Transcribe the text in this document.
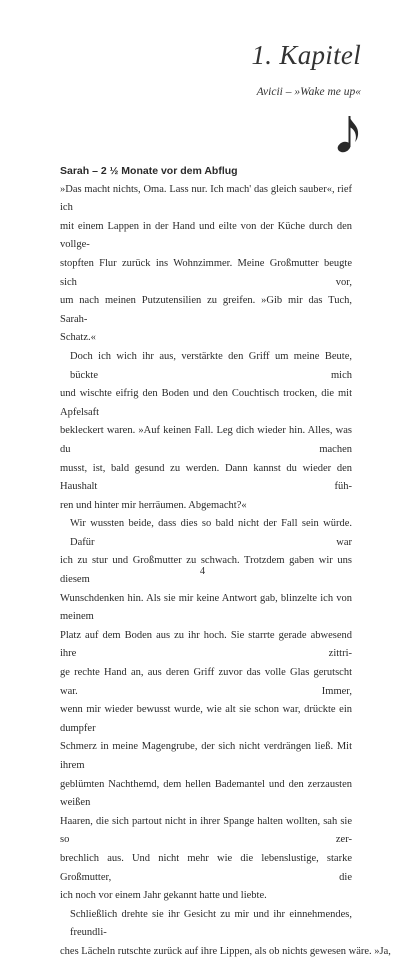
1. Kapitel
Avicii – »Wake me up«
Sarah – 2 ½ Monate vor dem Abflug
»Das macht nichts, Oma. Lass nur. Ich mach' das gleich sauber«, rief ich
mit einem Lappen in der Hand und eilte von der Küche durch den vollge-
stopften Flur zurück ins Wohnzimmer. Meine Großmutter beugte sich vor,
um nach meinen Putzutensilien zu greifen. »Gib mir das Tuch, Sarah-
Schatz.«
Doch ich wich ihr aus, verstärkte den Griff um meine Beute, bückte mich
und wischte eifrig den Boden und den Couchtisch trocken, die mit Apfelsaft
bekleckert waren. »Auf keinen Fall. Leg dich wieder hin. Alles, was du machen
musst, ist, bald gesund zu werden. Dann kannst du wieder den Haushalt füh-
ren und hinter mir herräumen. Abgemacht?«
Wir wussten beide, dass dies so bald nicht der Fall sein würde. Dafür war
ich zu stur und Großmutter zu schwach. Trotzdem gaben wir uns diesem
Wunschdenken hin. Als sie mir keine Antwort gab, blinzelte ich von meinem
Platz auf dem Boden aus zu ihr hoch. Sie starrte gerade abwesend ihre zittri-
ge rechte Hand an, aus deren Griff zuvor das volle Glas gerutscht war. Immer,
wenn mir wieder bewusst wurde, wie alt sie schon war, drückte ein dumpfer
Schmerz in meine Magengrube, der sich nicht verdrängen ließ. Mit ihrem
geblümten Nachthemd, dem hellen Bademantel und den zerzausten weißen
Haaren, die sich partout nicht in ihrer Spange halten wollten, sah sie so zer-
brechlich aus. Und nicht mehr wie die lebenslustige, starke Großmutter, die
ich noch vor einem Jahr gekannt hatte und liebte.
Schließlich drehte sie ihr Gesicht zu mir und ihr einnehmendes, freundli-
ches Lächeln rutschte zurück auf ihre Lippen, als ob nichts gewesen wäre. »Ja,
4
